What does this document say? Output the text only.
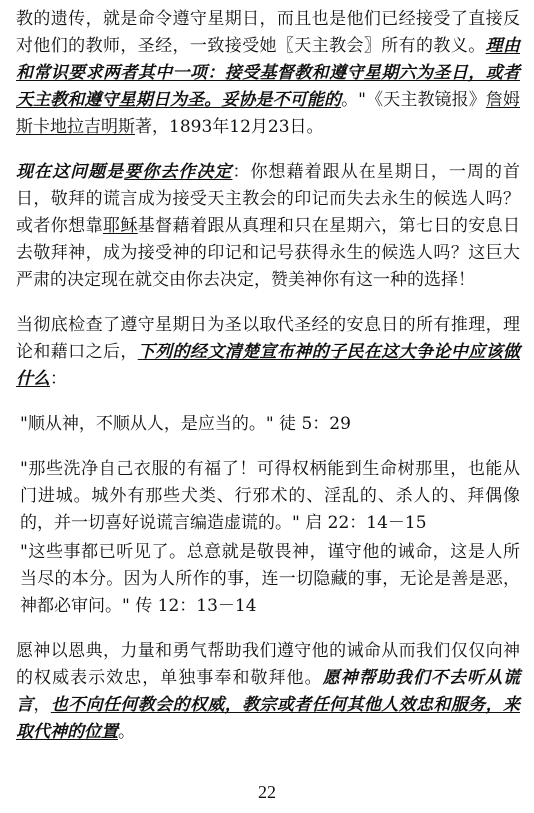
教的遗传，就是命令遵守星期日，而且也是他们已经接受了直接反对他们的教师，圣经，一致接受她〖天主教会〗所有的教义。理由和常识要求两者其中一项：接受基督教和遵守星期六为圣日，或者天主教和遵守星期日为圣。妥协是不可能的。"《天主教镜报》詹姆斯卡地拉吉明斯著，1893年12月23日。

现在这问题是要你去作决定：你想藉着跟从在星期日，一周的首日，敬拜的谎言成为接受天主教会的印记而失去永生的候选人吗？或者你想靠耶稣基督藉着跟从真理和只在星期六，第七日的安息日去敬拜神，成为接受神的印记和记号获得永生的候选人吗？这巨大严肃的决定现在就交由你去决定，赞美神你有这一种的选择！

当彻底检查了遵守星期日为圣以取代圣经的安息日的所有推理，理论和藉口之后，下列的经文清楚宣布神的子民在这大争论中应该做什么：

"顺从神，不顺从人，是应当的。" 徒 5：29

"那些洗净自己衣服的有福了！可得权柄能到生命树那里，也能从门进城。城外有那些犬类、行邪术的、淫乱的、杀人的、拜偶像的，并一切喜好说谎言编造虚谎的。" 启 22：14－15

"这些事都已听见了。总意就是敬畏神，谨守他的诫命，这是人所当尽的本分。因为人所作的事，连一切隐藏的事，无论是善是恶，神都必审问。" 传 12：13－14

愿神以恩典，力量和勇气帮助我们遵守他的诫命从而我们仅仅向神的权威表示效忠，单独事奉和敬拜他。愿神帮助我们不去听从谎言，也不向任何教会的权威，教宗或者任何其他人效忠和服务，来取代神的位置。

22
